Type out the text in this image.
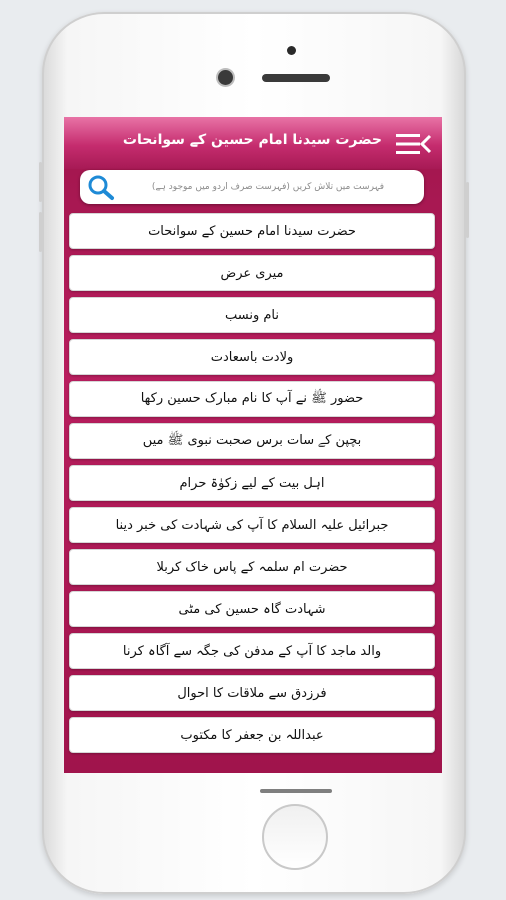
حضرت سیدنا امام حسین کے سوانحات
فہرست میں تلاش کریں (فہرست صرف اردو میں موجود ہے)
حضرت سیدنا امام حسین کے سوانحات
میری عرض
نام ونسب
ولادت باسعادت
حضور ﷺ نے آپ کا نام مبارک حسین رکھا
بچپن کے سات برس صحبت نبوی ﷺ میں
اہل بیت کے لیے زکوٰۃ حرام
جبرائیل علیہ السلام کا آپ کی شہادت کی خبر دینا
حضرت ام سلمہ کے پاس خاک کربلا
شہادت گاہ حسین کی مٹی
والد ماجد کا آپ کے مدفن کی جگہ سے آگاہ کرنا
فرزدق سے ملاقات کا احوال
عبداللہ بن جعفر کا مکتوب
